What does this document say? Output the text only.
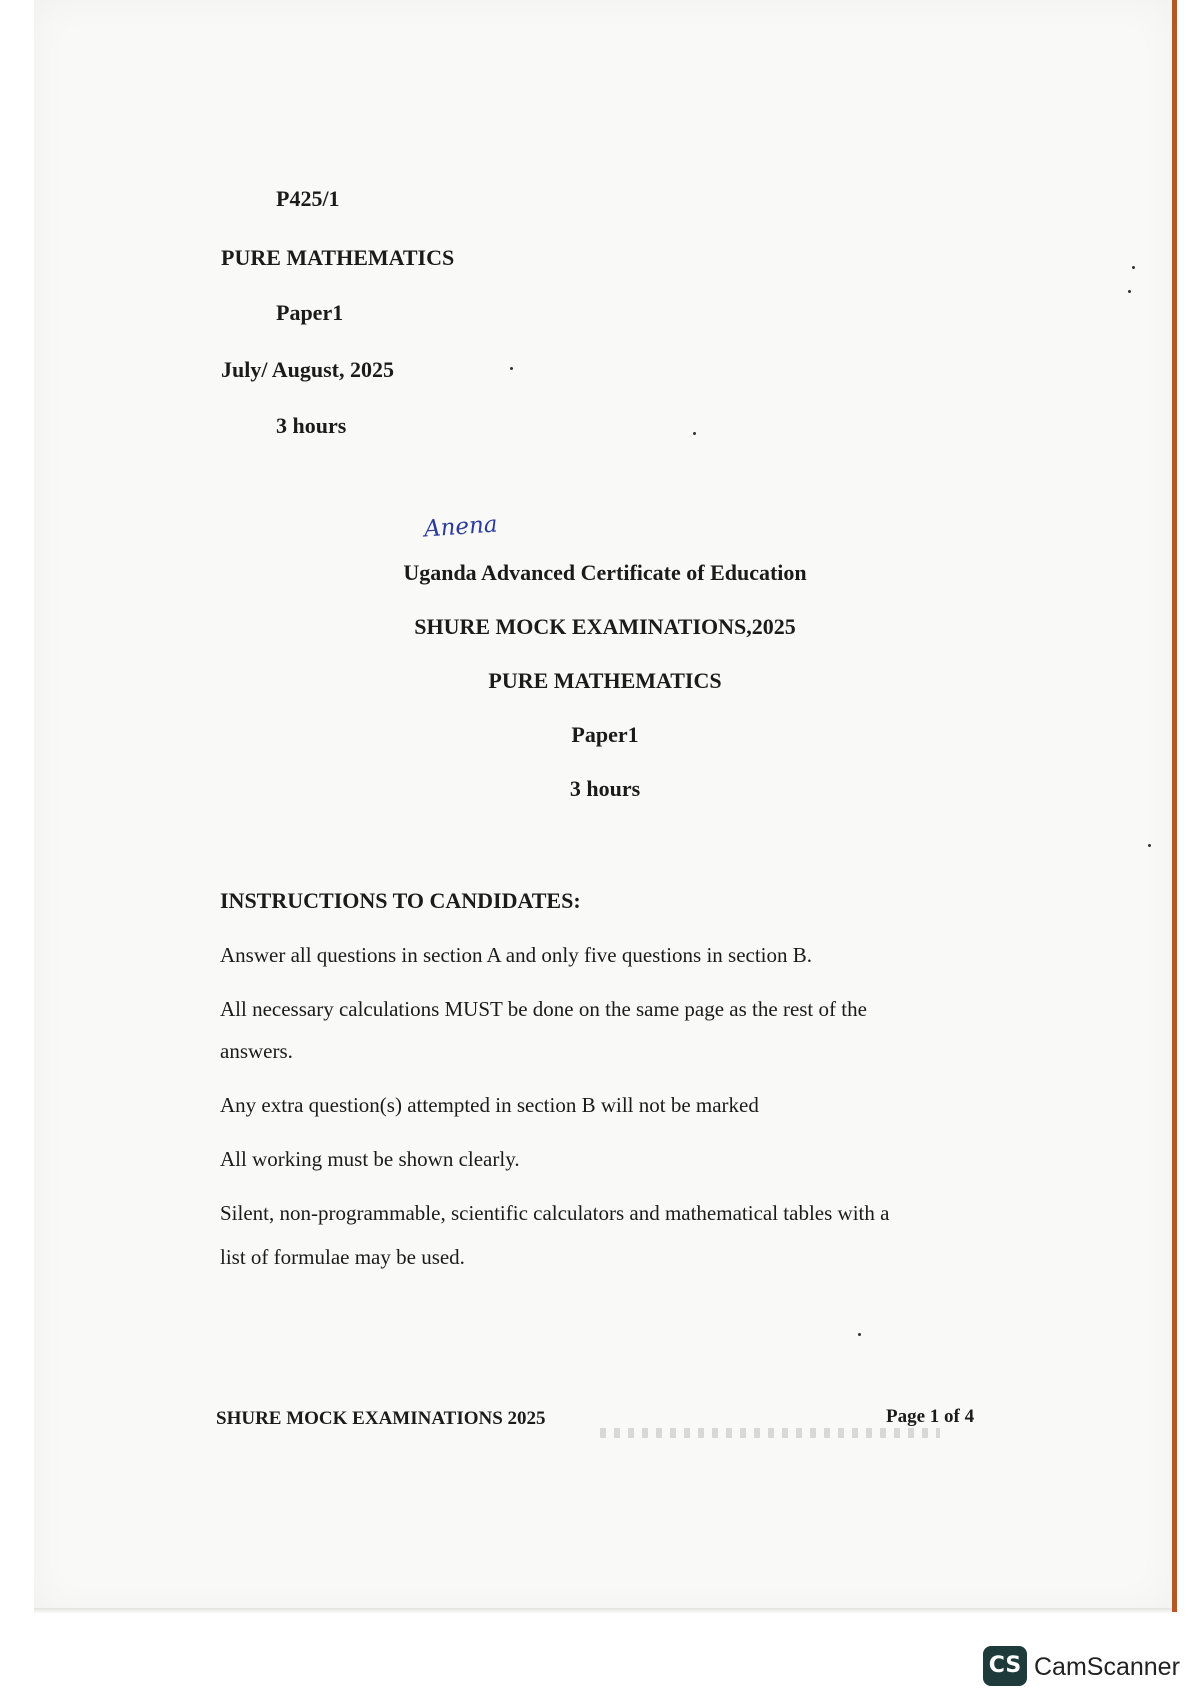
P425/1
PURE MATHEMATICS
Paper1
July/ August, 2025
3 hours
Anena
Uganda Advanced Certificate of Education
SHURE MOCK EXAMINATIONS,2025
PURE MATHEMATICS
Paper1
3 hours
INSTRUCTIONS TO CANDIDATES:
Answer all questions in section A and only five questions in section B.
All necessary calculations MUST be done on the same page as the rest of the
answers.
Any extra question(s) attempted in section B will not be marked
All working must be shown clearly.
Silent, non-programmable, scientific calculators and mathematical tables with a
list of formulae may be used.
SHURE MOCK EXAMINATIONS 2025	Page 1 of 4
CS CamScanner
